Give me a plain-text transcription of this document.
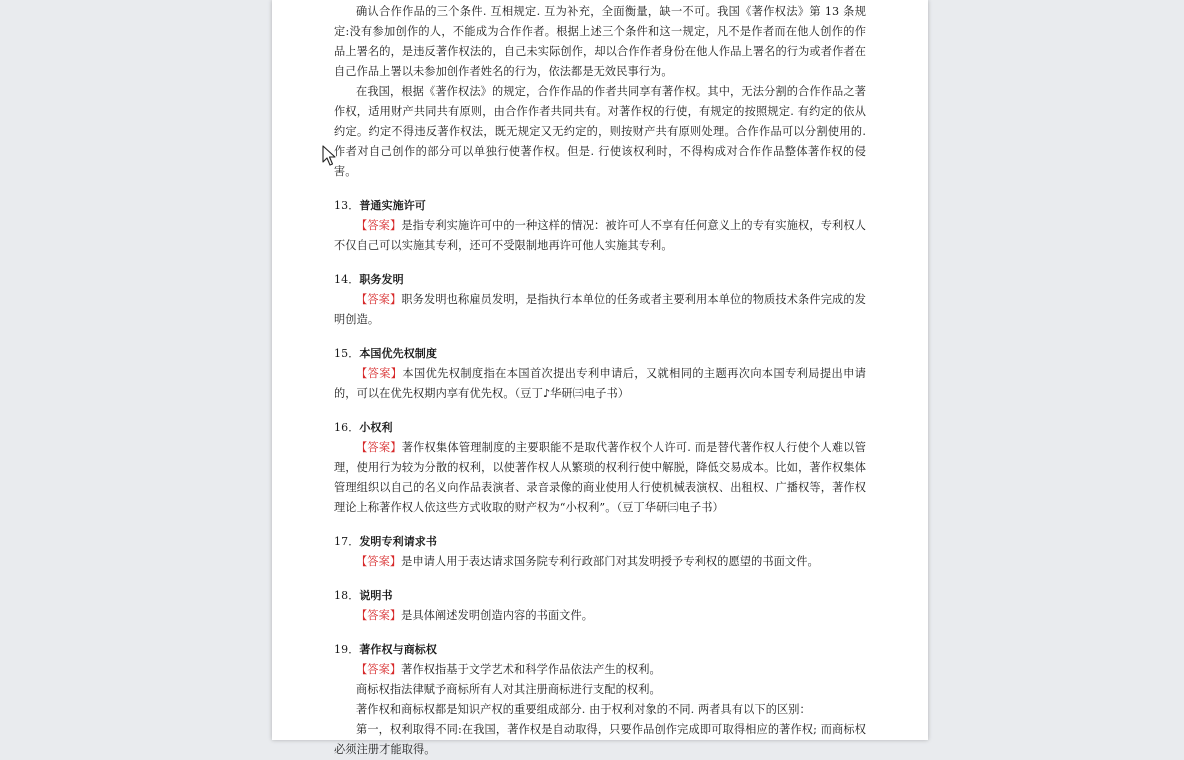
确认合作作品的三个条件. 互相规定. 互为补充，全面衡量，缺一不可。我国《著作权法》第 13 条规定:没有参加创作的人，不能成为合作作者。根据上述三个条件和这一规定，凡不是作者而在他人创作的作品上署名的，是违反著作权法的，自己未实际创作，却以合作作者身份在他人作品上署名的行为或者作者在自己作品上署以未参加创作者姓名的行为，依法都是无效民事行为。

在我国，根据《著作权法》的规定，合作作品的作者共同享有著作权。其中，无法分割的合作作品之著作权，适用财产共同共有原则，由合作作者共同共有。对著作权的行使，有规定的按照规定. 有约定的依从约定。约定不得违反著作权法，既无规定又无约定的，则按财产共有原则处理。合作作品可以分割使用的. 作者对自己创作的部分可以单独行使著作权。但是. 行使该权利时，不得构成对合作作品整体著作权的侵害。

13．普通实施许可

【答案】是指专利实施许可中的一种这样的情况：被许可人不享有任何意义上的专有实施权，专利权人不仅自己可以实施其专利，还可不受限制地再许可他人实施其专利。

14．职务发明

【答案】职务发明也称雇员发明，是指执行本单位的任务或者主要利用本单位的物质技术条件完成的发明创造。

15．本国优先权制度

【答案】本国优先权制度指在本国首次提出专利申请后，又就相同的主题再次向本国专利局提出申请的，可以在优先权期内享有优先权。（豆丁♪华研㈢电子书）

16．小权利

【答案】著作权集体管理制度的主要职能不是取代著作权个人许可. 而是替代著作权人行使个人难以管理，使用行为较为分散的权利，以使著作权人从繁琐的权利行使中解脱，降低交易成本。比如，著作权集体管理组织以自己的名义向作品表演者、录音录像的商业使用人行使机械表演权、出租权、广播权等，著作权理论上称著作权人依这些方式收取的财产权为“小权利”。（豆丁华研㈢电子书）

17．发明专利请求书

【答案】是申请人用于表达请求国务院专利行政部门对其发明授予专利权的愿望的书面文件。

18．说明书

【答案】是具体阐述发明创造内容的书面文件。

19．著作权与商标权

【答案】著作权指基于文学艺术和科学作品依法产生的权利。

商标权指法律赋予商标所有人对其注册商标进行支配的权利。

著作权和商标权都是知识产权的重要组成部分. 由于权利对象的不同. 两者具有以下的区别：

第一，权利取得不同:在我国，著作权是自动取得，只要作品创作完成即可取得相应的著作权; 而商标权必须注册才能取得。
